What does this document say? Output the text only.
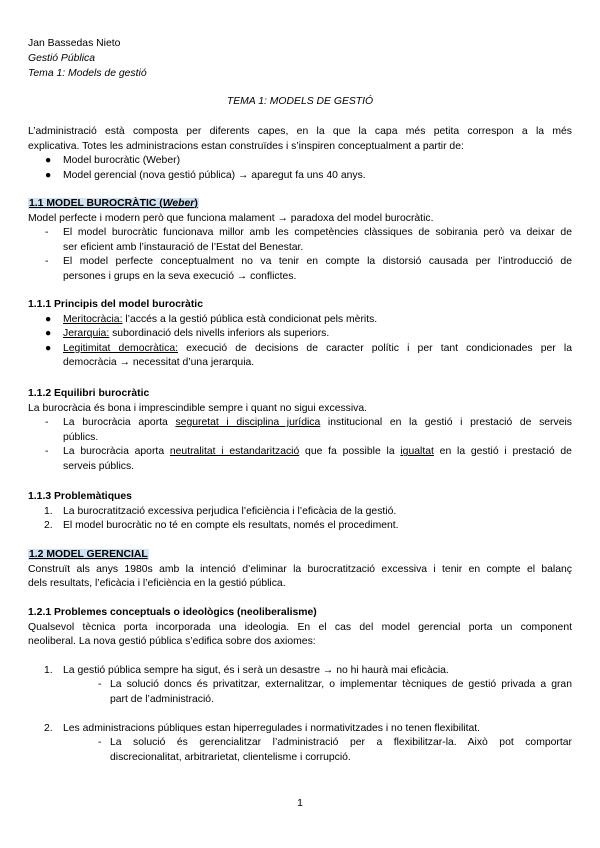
Jan Bassedas Nieto
Gestió Pública
Tema 1: Models de gestió
TEMA 1: MODELS DE GESTIÓ
L’administració està composta per diferents capes, en la que la capa més petita correspon a la més
explicativa. Totes les administracions estan construïdes i s’inspiren conceptualment a partir de:
● Model burocràtic (Weber)
● Model gerencial (nova gestió pública) → aparegut fa uns 40 anys.
1.1 MODEL BUROCRÀTIC (Weber)
Model perfecte i modern però que funciona malament → paradoxa del model burocràtic.
- El model burocràtic funcionava millor amb les competències clàssiques de sobirania però va deixar de
ser eficient amb l’instauració de l’Estat del Benestar.
- El model perfecte conceptualment no va tenir en compte la distorsió causada per l’introducció de
persones i grups en la seva execució → conflictes.
1.1.1 Principis del model burocràtic
● Meritocràcia: l’accés a la gestió pública està condicionat pels mèrits.
● Jerarquia: subordinació dels nivells inferiors als superiors.
● Legitimitat democràtica: execució de decisions de caracter polític i per tant condicionades per la
democràcia → necessitat d’una jerarquia.
1.1.2 Equilibri burocràtic
La burocràcia és bona i imprescindible sempre i quant no sigui excessiva.
- La burocràcia aporta seguretat i disciplina jurídica institucional en la gestió i prestació de serveis
públics.
- La burocràcia aporta neutralitat i estandarització que fa possible la igualtat en la gestió i prestació de
serveis públics.
1.1.3 Problemàtiques
1. La burocratització excessiva perjudica l’eficiència i l’eficàcia de la gestió.
2. El model burocràtic no té en compte els resultats, només el procediment.
1.2 MODEL GERENCIAL
Construït als anys 1980s amb la intenció d’eliminar la burocratització excessiva i tenir en compte el balanç
dels resultats, l’eficàcia i l’eficiència en la gestió pública.
1.2.1 Problemes conceptuals o ideològics (neoliberalisme)
Qualsevol tècnica porta incorporada una ideologia. En el cas del model gerencial porta un component
neoliberal. La nova gestió pública s’edifica sobre dos axiomes:
1. La gestió pública sempre ha sigut, és i serà un desastre → no hi haurà mai eficàcia.
- La solució doncs és privatitzar, externalitzar, o implementar tècniques de gestió privada a gran
part de l’administració.
2. Les administracions públiques estan hiperregulades i normativitzades i no tenen flexibilitat.
- La solució és gerencialitzar l’administració per a flexibilitzar-la. Això pot comportar
discrecionalitat, arbitrarietat, clientelisme i corrupció.
1
